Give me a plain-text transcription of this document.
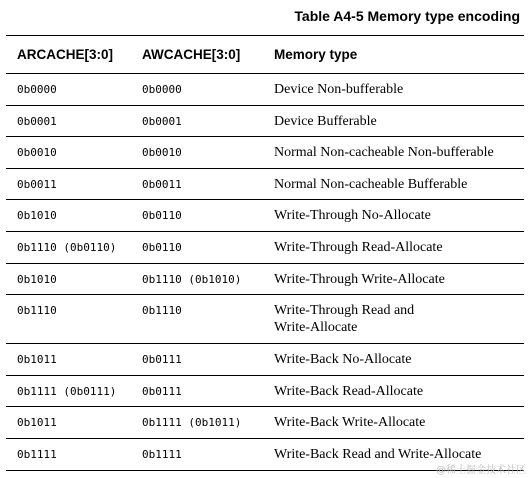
Table A4-5 Memory type encoding
ARCACHE[3:0]	AWCACHE[3:0]	Memory type
0b0000	0b0000	Device Non-bufferable
0b0001	0b0001	Device Bufferable
0b0010	0b0010	Normal Non-cacheable Non-bufferable
0b0011	0b0011	Normal Non-cacheable Bufferable
0b1010	0b0110	Write-Through No-Allocate
0b1110 (0b0110)	0b0110	Write-Through Read-Allocate
0b1010	0b1110 (0b1010)	Write-Through Write-Allocate
0b1110	0b1110	Write-Through Read and
Write-Allocate
0b1011	0b0111	Write-Back No-Allocate
0b1111 (0b0111)	0b0111	Write-Back Read-Allocate
0b1011	0b1111 (0b1011)	Write-Back Write-Allocate
0b1111	0b1111	Write-Back Read and Write-Allocate
@稀土掘金技术社区
